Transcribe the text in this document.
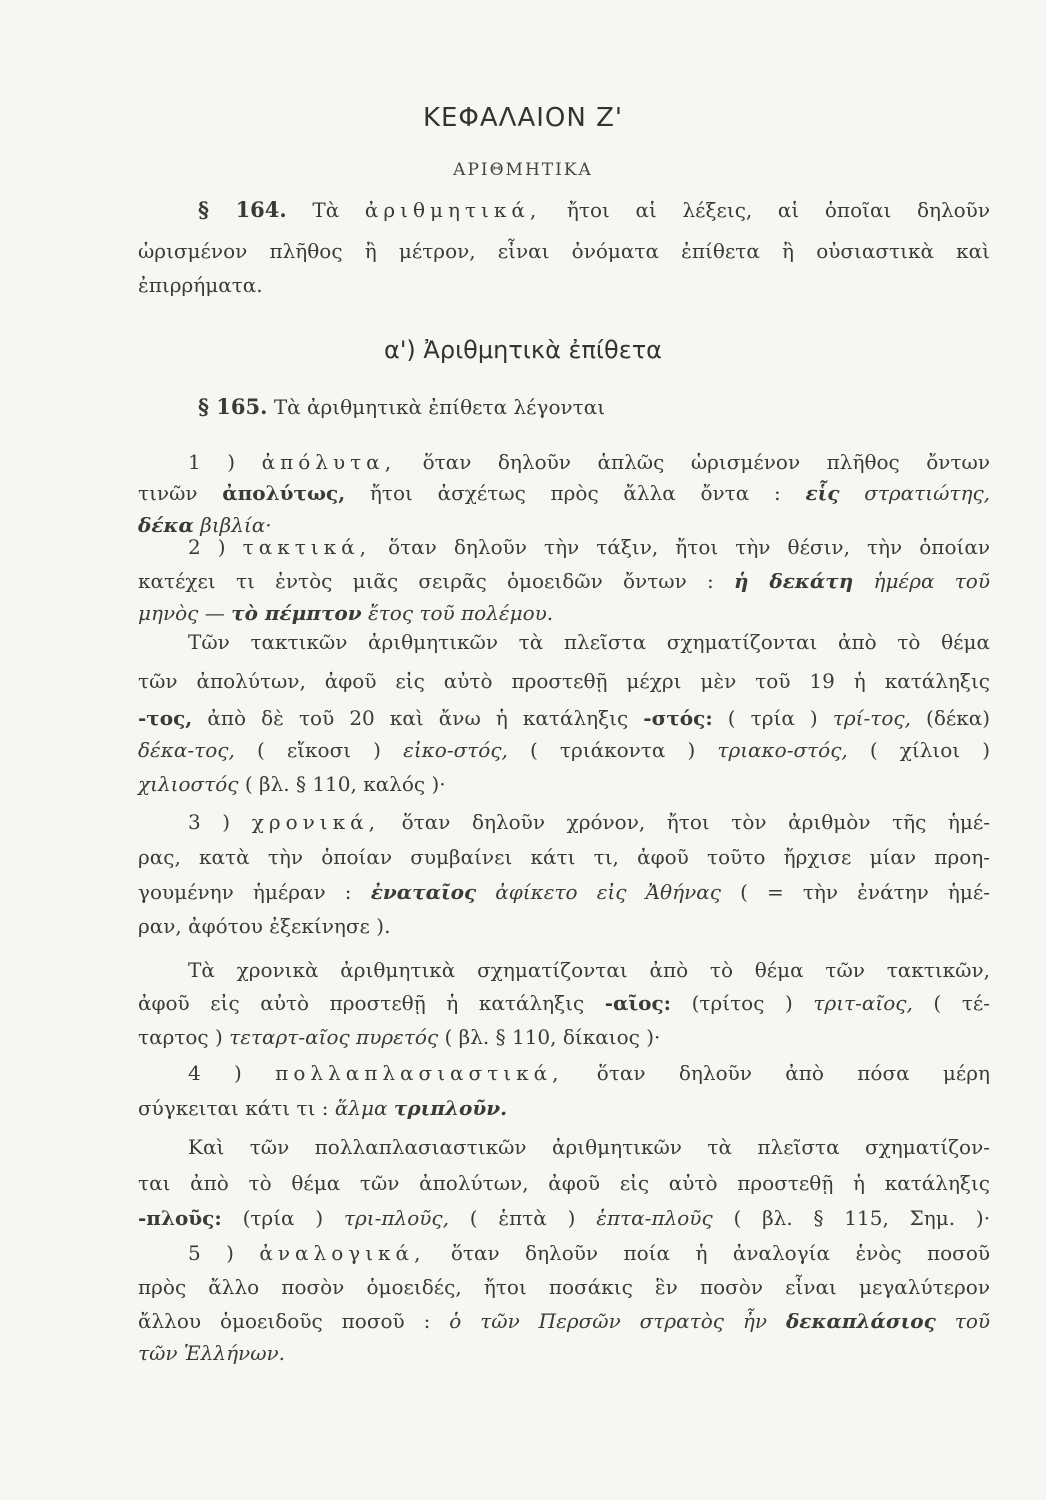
ΚΕΦΑΛΑΙΟΝ Ζ'
ΑΡΙΘΜΗΤΙΚΑ
§ 164. Τὰ ἀριθμητικά, ἤτοι αἱ λέξεις, αἱ ὁποῖαι δηλοῦν
ὡρισμένον πλῆθος ἢ μέτρον, εἶναι ὀνόματα ἐπίθετα ἢ οὐσιαστικὰ καὶ
ἐπιρρήματα.
α') Ἀριθμητικὰ ἐπίθετα
§ 165. Τὰ ἀριθμητικὰ ἐπίθετα λέγονται
1 ) ἀπόλυτα, ὅταν δηλοῦν ἁπλῶς ὡρισμένον πλῆθος ὄντων
τινῶν ἀπολύτως, ἤτοι ἀσχέτως πρὸς ἄλλα ὄντα : εἷς στρατιώτης,
δέκα βιβλία·
2 ) τακτικά, ὅταν δηλοῦν τὴν τάξιν, ἤτοι τὴν θέσιν, τὴν ὁποίαν
κατέχει τι ἐντὸς μιᾶς σειρᾶς ὁμοειδῶν ὄντων : ἡ δεκάτη ἡμέρα τοῦ
μηνὸς — τὸ πέμπτον ἔτος τοῦ πολέμου.
Τῶν τακτικῶν ἀριθμητικῶν τὰ πλεῖστα σχηματίζονται ἀπὸ τὸ θέμα
τῶν ἀπολύτων, ἀφοῦ εἰς αὐτὸ προστεθῇ μέχρι μὲν τοῦ 19 ἡ κατάληξις
-τος, ἀπὸ δὲ τοῦ 20 καὶ ἄνω ἡ κατάληξις -στός: ( τρία ) τρί-τος, (δέκα)
δέκα-τος, ( εἴκοσι ) εἰκο-στός, ( τριάκοντα ) τριακο-στός, ( χίλιοι )
χιλιοστός ( βλ. § 110, καλός )·
3 ) χρονικά, ὅταν δηλοῦν χρόνον, ἤτοι τὸν ἀριθμὸν τῆς ἡμέ-
ρας, κατὰ τὴν ὁποίαν συμβαίνει κάτι τι, ἀφοῦ τοῦτο ἤρχισε μίαν προη-
γουμένην ἡμέραν : ἐναταῖος ἀφίκετο εἰς Ἀθήνας ( = τὴν ἐνάτην ἡμέ-
ραν, ἀφότου ἐξεκίνησε ).
Τὰ χρονικὰ ἀριθμητικὰ σχηματίζονται ἀπὸ τὸ θέμα τῶν τακτικῶν,
ἀφοῦ εἰς αὐτὸ προστεθῇ ἡ κατάληξις -αῖος: (τρίτος ) τριτ-αῖος, ( τέ-
ταρτος ) τεταρτ-αῖος πυρετός ( βλ. § 110, δίκαιος )·
4 ) πολλαπλασιαστικά, ὅταν δηλοῦν ἀπὸ πόσα μέρη
σύγκειται κάτι τι : ἅλμα τριπλοῦν.
Καὶ τῶν πολλαπλασιαστικῶν ἀριθμητικῶν τὰ πλεῖστα σχηματίζον-
ται ἀπὸ τὸ θέμα τῶν ἀπολύτων, ἀφοῦ εἰς αὐτὸ προστεθῇ ἡ κατάληξις
-πλοῦς: (τρία ) τρι-πλοῦς, ( ἑπτὰ ) ἑπτα-πλοῦς ( βλ. § 115, Σημ. )·
5 ) ἀναλογικά, ὅταν δηλοῦν ποία ἡ ἀναλογία ἑνὸς ποσοῦ
πρὸς ἄλλο ποσὸν ὁμοειδές, ἤτοι ποσάκις ἓν ποσὸν εἶναι μεγαλύτερον
ἄλλου ὁμοειδοῦς ποσοῦ : ὁ τῶν Περσῶν στρατὸς ἦν δεκαπλάσιος τοῦ
τῶν Ἑλλήνων.
